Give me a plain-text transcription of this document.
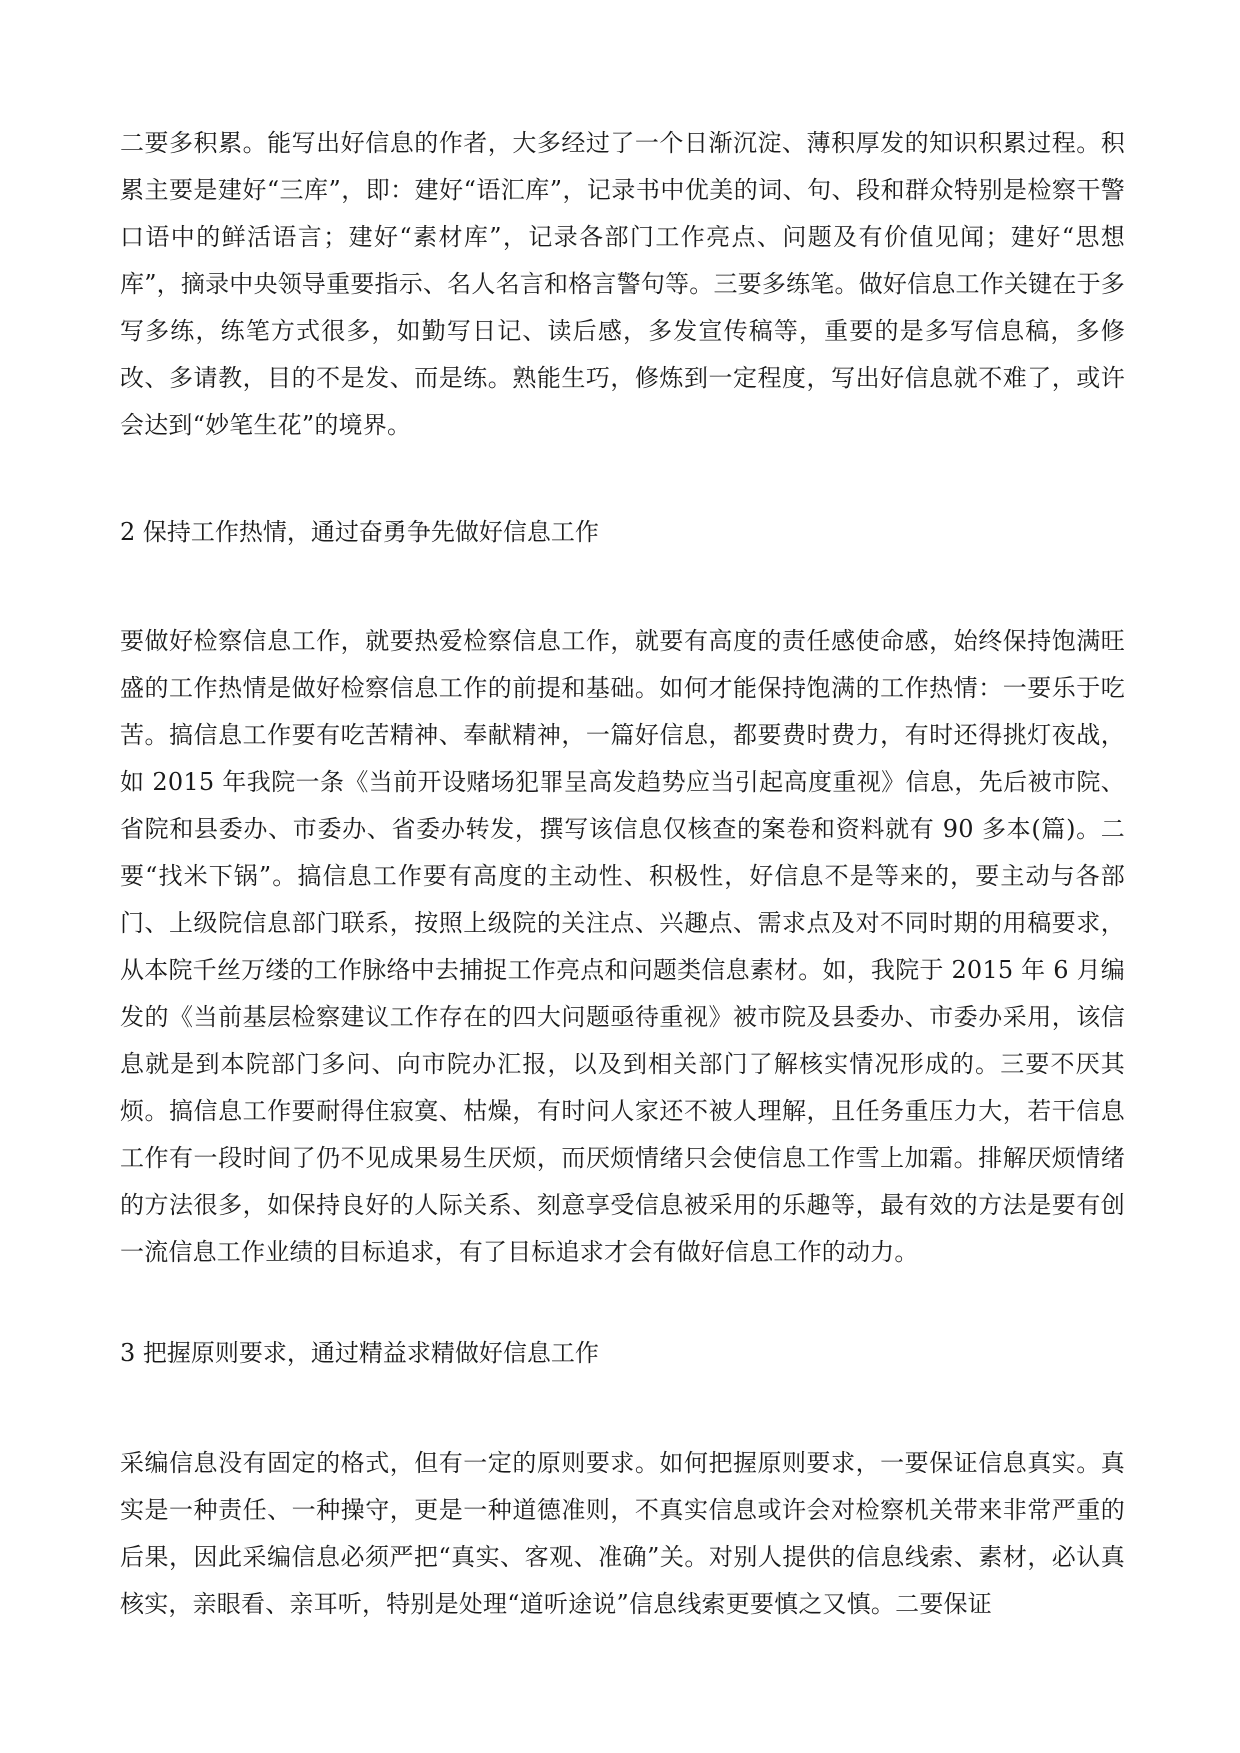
二要多积累。能写出好信息的作者，大多经过了一个日渐沉淀、薄积厚发的知识积累过程。积累主要是建好“三库”，即：建好“语汇库”，记录书中优美的词、句、段和群众特别是检察干警口语中的鲜活语言；建好“素材库”，记录各部门工作亮点、问题及有价值见闻；建好“思想库”，摘录中央领导重要指示、名人名言和格言警句等。三要多练笔。做好信息工作关键在于多写多练，练笔方式很多，如勤写日记、读后感，多发宣传稿等，重要的是多写信息稿，多修改、多请教，目的不是发、而是练。熟能生巧，修炼到一定程度，写出好信息就不难了，或许会达到“妙笔生花”的境界。

2 保持工作热情，通过奋勇争先做好信息工作

要做好检察信息工作，就要热爱检察信息工作，就要有高度的责任感使命感，始终保持饱满旺盛的工作热情是做好检察信息工作的前提和基础。如何才能保持饱满的工作热情：一要乐于吃苦。搞信息工作要有吃苦精神、奉献精神，一篇好信息，都要费时费力，有时还得挑灯夜战，如 2015 年我院一条《当前开设赌场犯罪呈高发趋势应当引起高度重视》信息，先后被市院、省院和县委办、市委办、省委办转发，撰写该信息仅核查的案卷和资料就有 90 多本(篇)。二要“找米下锅”。搞信息工作要有高度的主动性、积极性，好信息不是等来的，要主动与各部门、上级院信息部门联系，按照上级院的关注点、兴趣点、需求点及对不同时期的用稿要求，从本院千丝万缕的工作脉络中去捕捉工作亮点和问题类信息素材。如，我院于 2015 年 6 月编发的《当前基层检察建议工作存在的四大问题亟待重视》被市院及县委办、市委办采用，该信息就是到本院部门多问、向市院办汇报，以及到相关部门了解核实情况形成的。三要不厌其烦。搞信息工作要耐得住寂寞、枯燥，有时问人家还不被人理解，且任务重压力大，若干信息工作有一段时间了仍不见成果易生厌烦，而厌烦情绪只会使信息工作雪上加霜。排解厌烦情绪的方法很多，如保持良好的人际关系、刻意享受信息被采用的乐趣等，最有效的方法是要有创一流信息工作业绩的目标追求，有了目标追求才会有做好信息工作的动力。

3 把握原则要求，通过精益求精做好信息工作

采编信息没有固定的格式，但有一定的原则要求。如何把握原则要求，一要保证信息真实。真实是一种责任、一种操守，更是一种道德准则，不真实信息或许会对检察机关带来非常严重的后果，因此采编信息必须严把“真实、客观、准确”关。对别人提供的信息线索、素材，必认真核实，亲眼看、亲耳听，特别是处理“道听途说”信息线索更要慎之又慎。二要保证
